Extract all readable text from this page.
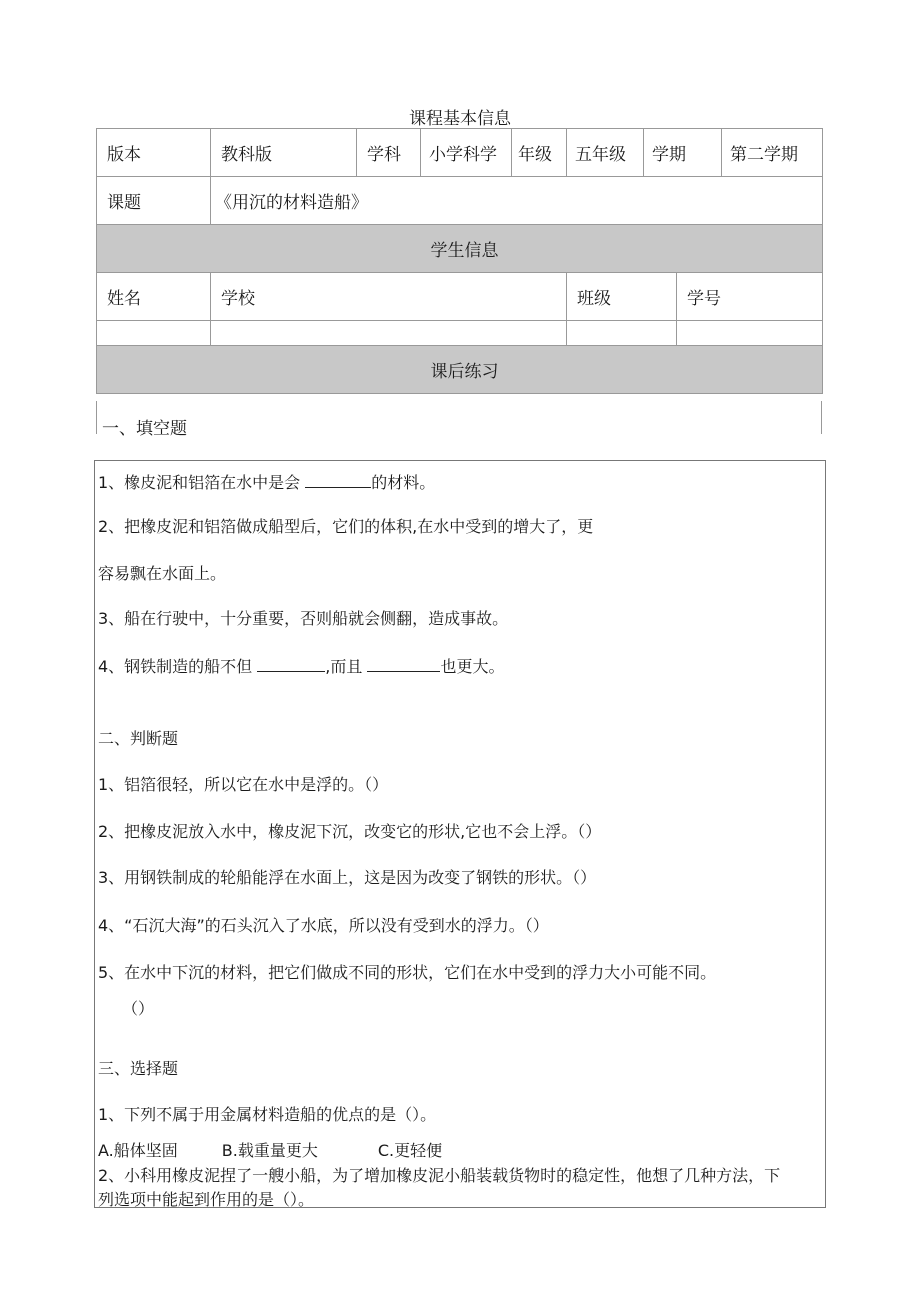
课程基本信息
版本	教科版	学科	小学科学	年级	五年级	学期		第二学期
课题	《用沉的材料造船》							
学生信息								
姓名	学校				班级		学号	

课后练习								
一、填空题
1、橡皮泥和铝箔在水中是会	的材料。
2、把橡皮泥和铝箔做成船型后，它们的体积,在水中受到的增大了，更
容易飘在水面上。
3、船在行驶中，十分重要，否则船就会侧翻，造成事故。
4、钢铁制造的船不但	,而且	也更大。
二、判断题
1、铝箔很轻，所以它在水中是浮的。（）
2、把橡皮泥放入水中，橡皮泥下沉，改变它的形状,它也不会上浮。（）
3、用钢铁制成的轮船能浮在水面上，这是因为改变了钢铁的形状。（）
4、“石沉大海”的石头沉入了水底，所以没有受到水的浮力。（）
5、在水中下沉的材料，把它们做成不同的形状，它们在水中受到的浮力大小可能不同。
（）
三、选择题
1、下列不属于用金属材料造船的优点的是（）。
A.船体坚固	B.载重量更大	C.更轻便
2、小科用橡皮泥捏了一艘小船，为了增加橡皮泥小船装载货物时的稳定性，他想了几种方法，下
列选项中能起到作用的是（）。
